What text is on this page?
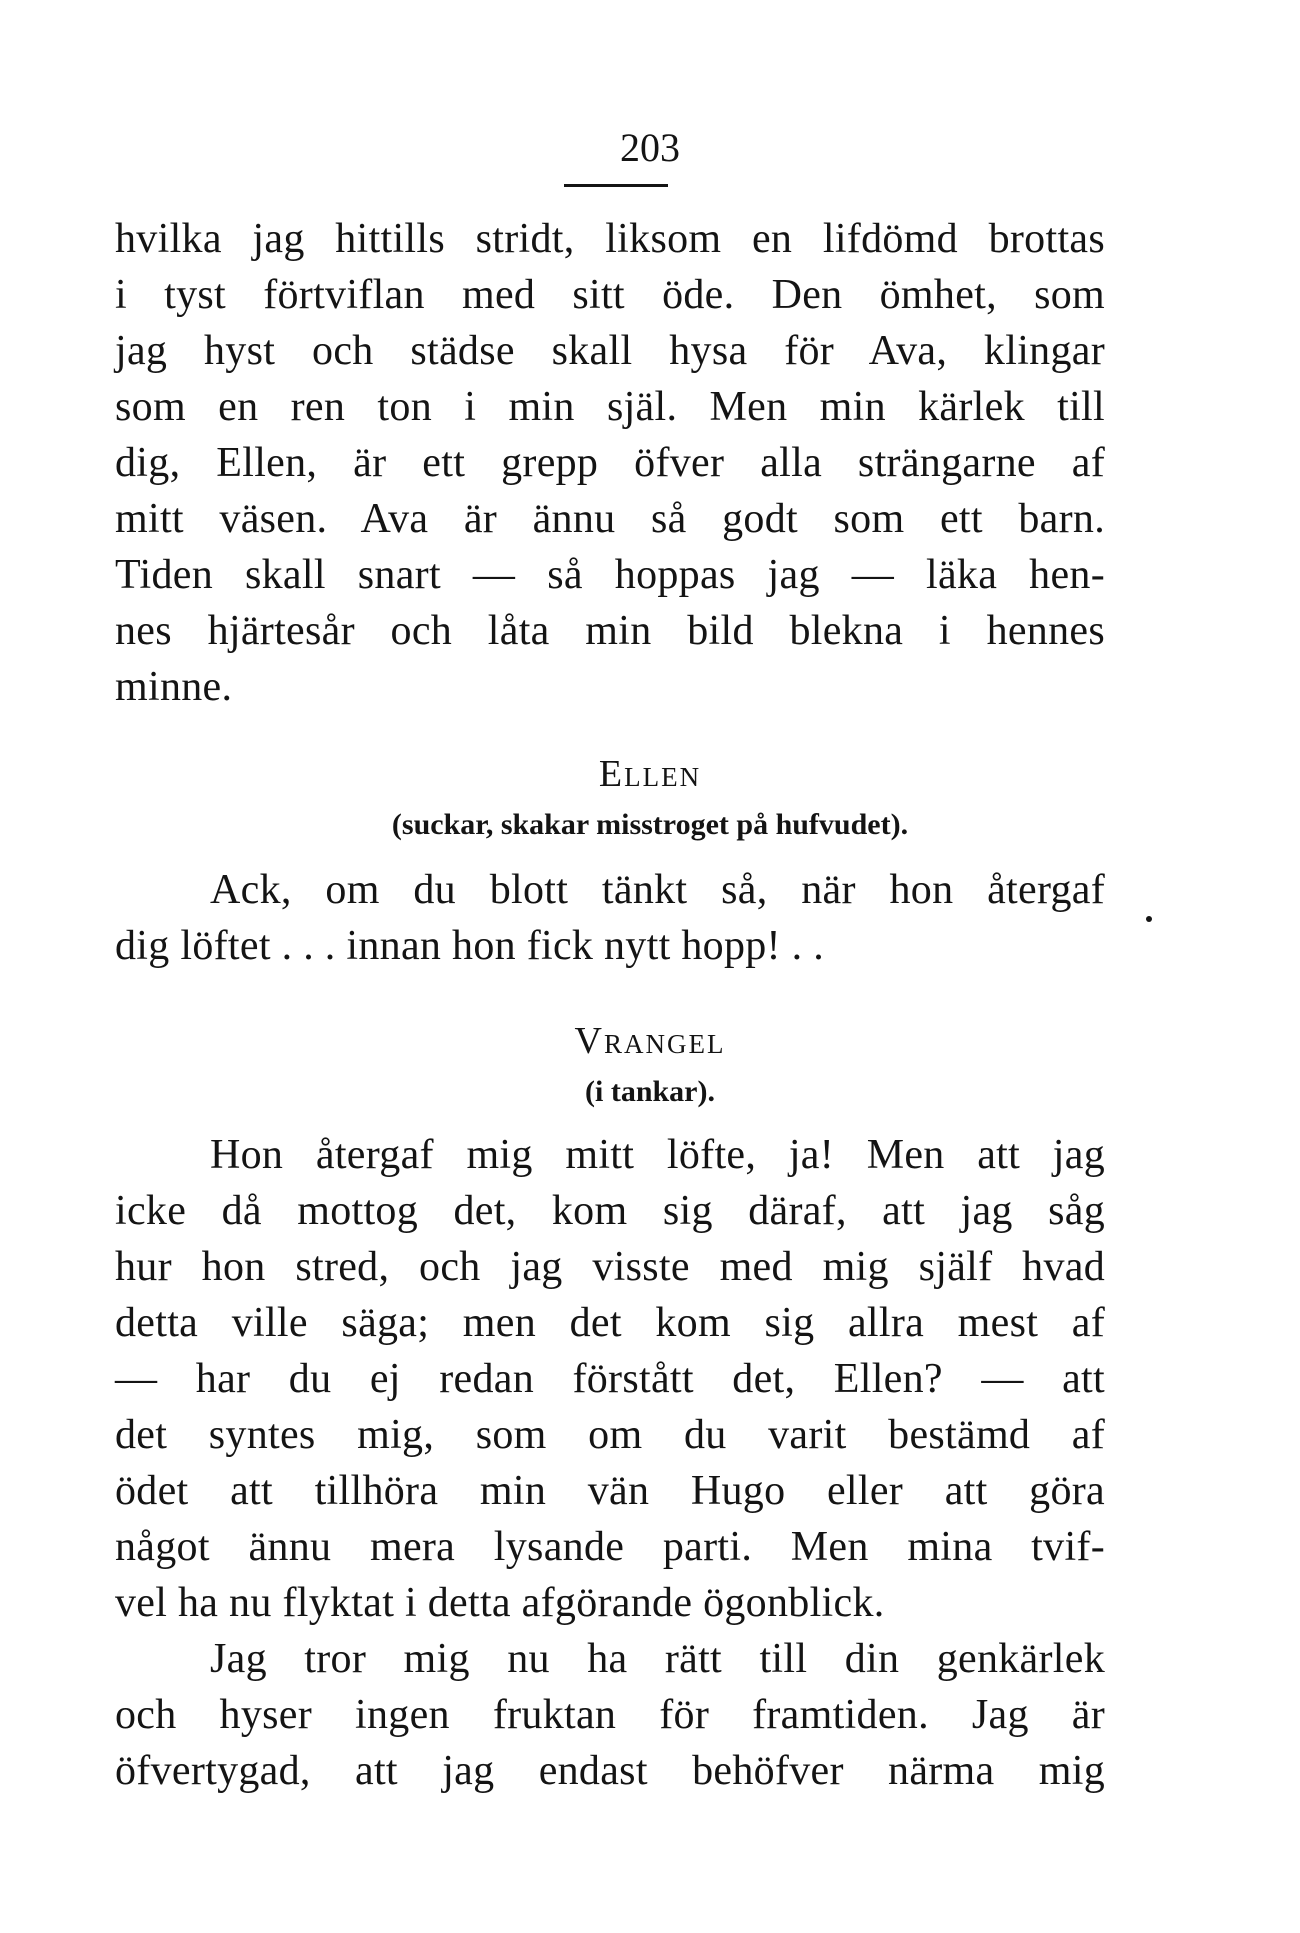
203
hvilka jag hittills stridt, liksom en lifdömd brottas
i tyst förtviflan med sitt öde. Den ömhet, som
jag hyst och städse skall hysa för Ava, klingar
som en ren ton i min själ. Men min kärlek till
dig, Ellen, är ett grepp öfver alla strängarne af
mitt väsen. Ava är ännu så godt som ett barn.
Tiden skall snart — så hoppas jag — läka hen-
nes hjärtesår och låta min bild blekna i hennes
minne.
Ellen
(suckar, skakar misstroget på hufvudet).
Ack, om du blott tänkt så, när hon återgaf
dig löftet . . . innan hon fick nytt hopp! . .
Vrangel
(i tankar).
Hon återgaf mig mitt löfte, ja! Men att jag
icke då mottog det, kom sig däraf, att jag såg
hur hon stred, och jag visste med mig själf hvad
detta ville säga; men det kom sig allra mest af
— har du ej redan förstått det, Ellen? — att
det syntes mig, som om du varit bestämd af
ödet att tillhöra min vän Hugo eller att göra
något ännu mera lysande parti. Men mina tvif-
vel ha nu flyktat i detta afgörande ögonblick.
Jag tror mig nu ha rätt till din genkärlek
och hyser ingen fruktan för framtiden. Jag är
öfvertygad, att jag endast behöfver närma mig
